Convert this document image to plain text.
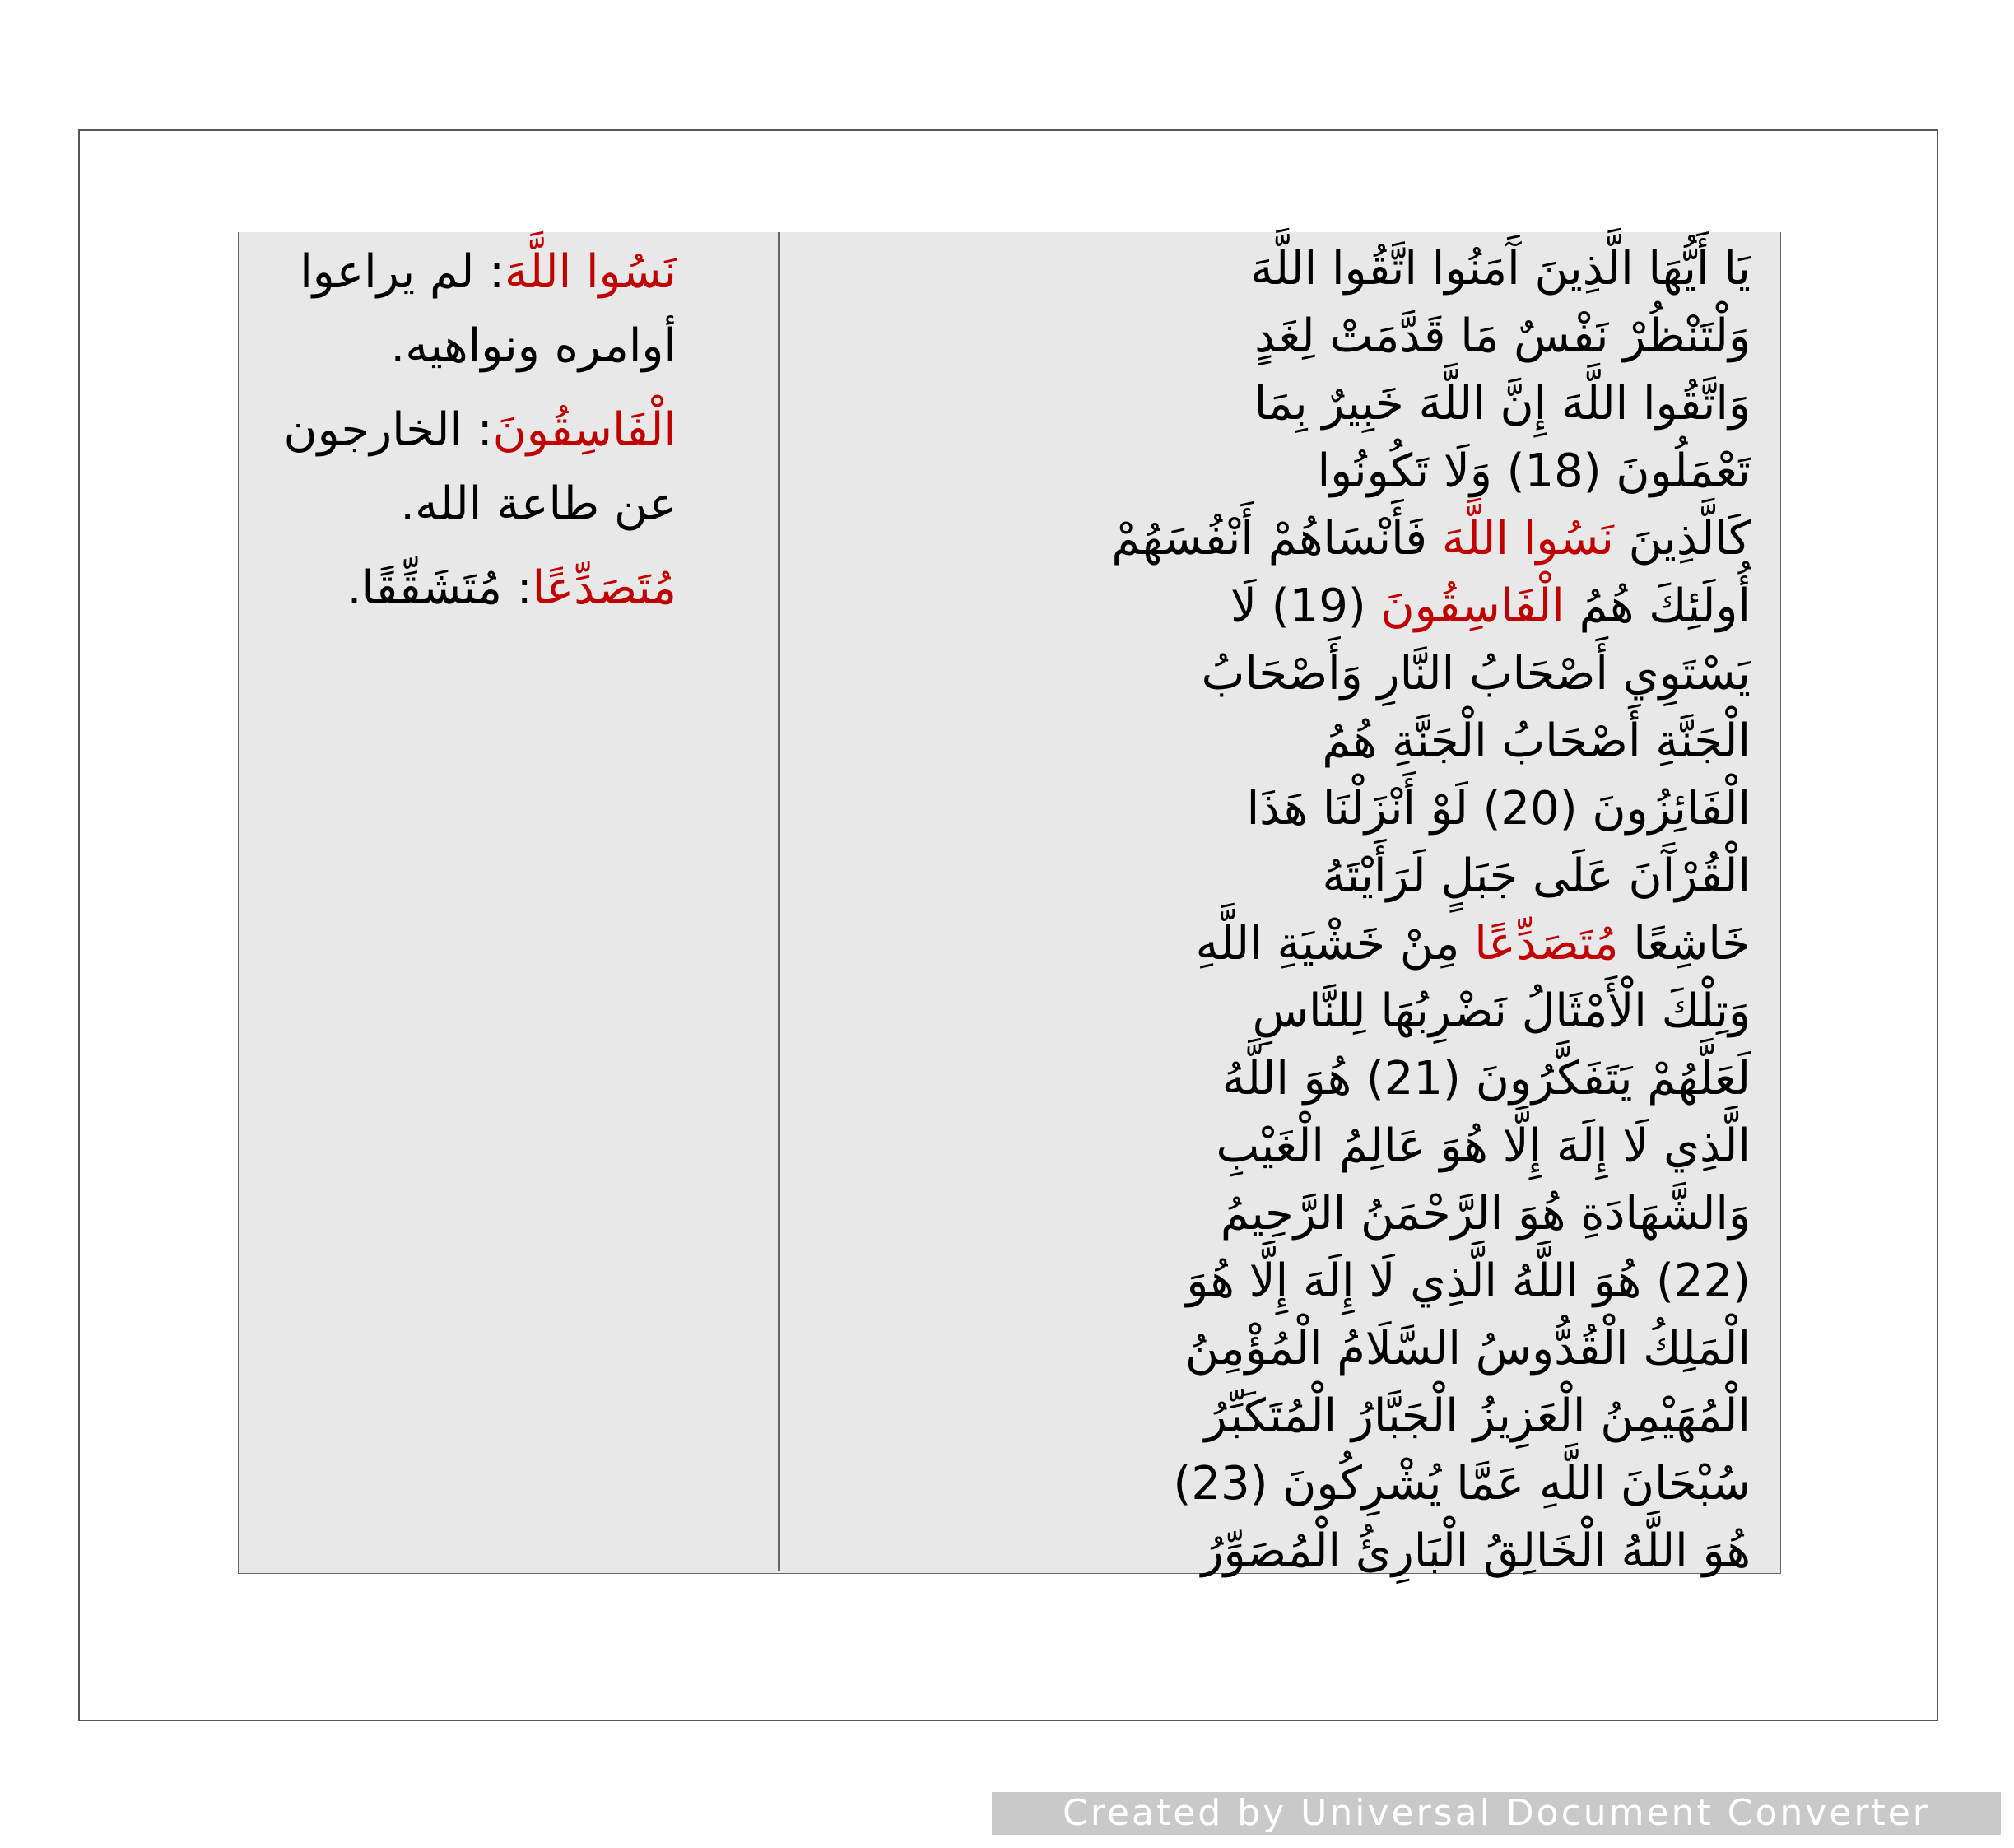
يَا أَيُّهَا الَّذِينَ آَمَنُوا اتَّقُوا اللَّهَ
وَلْتَنْظُرْ نَفْسٌ مَا قَدَّمَتْ لِغَدٍ
وَاتَّقُوا اللَّهَ إِنَّ اللَّهَ خَبِيرٌ بِمَا
تَعْمَلُونَ (18) وَلَا تَكُونُوا
كَالَّذِينَ نَسُوا اللَّهَ فَأَنْسَاهُمْ أَنْفُسَهُمْ
أُولَئِكَ هُمُ الْفَاسِقُونَ (19) لَا
يَسْتَوِي أَصْحَابُ النَّارِ وَأَصْحَابُ
الْجَنَّةِ أَصْحَابُ الْجَنَّةِ هُمُ
الْفَائِزُونَ (20) لَوْ أَنْزَلْنَا هَذَا
الْقُرْآَنَ عَلَى جَبَلٍ لَرَأَيْتَهُ
خَاشِعًا مُتَصَدِّعًا مِنْ خَشْيَةِ اللَّهِ
وَتِلْكَ الْأَمْثَالُ نَضْرِبُهَا لِلنَّاسِ
لَعَلَّهُمْ يَتَفَكَّرُونَ (21) هُوَ اللَّهُ
الَّذِي لَا إِلَهَ إِلَّا هُوَ عَالِمُ الْغَيْبِ
وَالشَّهَادَةِ هُوَ الرَّحْمَنُ الرَّحِيمُ
(22) هُوَ اللَّهُ الَّذِي لَا إِلَهَ إِلَّا هُوَ
الْمَلِكُ الْقُدُّوسُ السَّلَامُ الْمُؤْمِنُ
الْمُهَيْمِنُ الْعَزِيزُ الْجَبَّارُ الْمُتَكَبِّرُ
سُبْحَانَ اللَّهِ عَمَّا يُشْرِكُونَ (23)
هُوَ اللَّهُ الْخَالِقُ الْبَارِئُ الْمُصَوِّرُ
نَسُوا اللَّهَ: لم يراعوا أوامره ونواهيه.
الْفَاسِقُونَ: الخارجون عن طاعة الله.
مُتَصَدِّعًا: مُتَشَقِّقًا.
Created by Universal Document Converter
